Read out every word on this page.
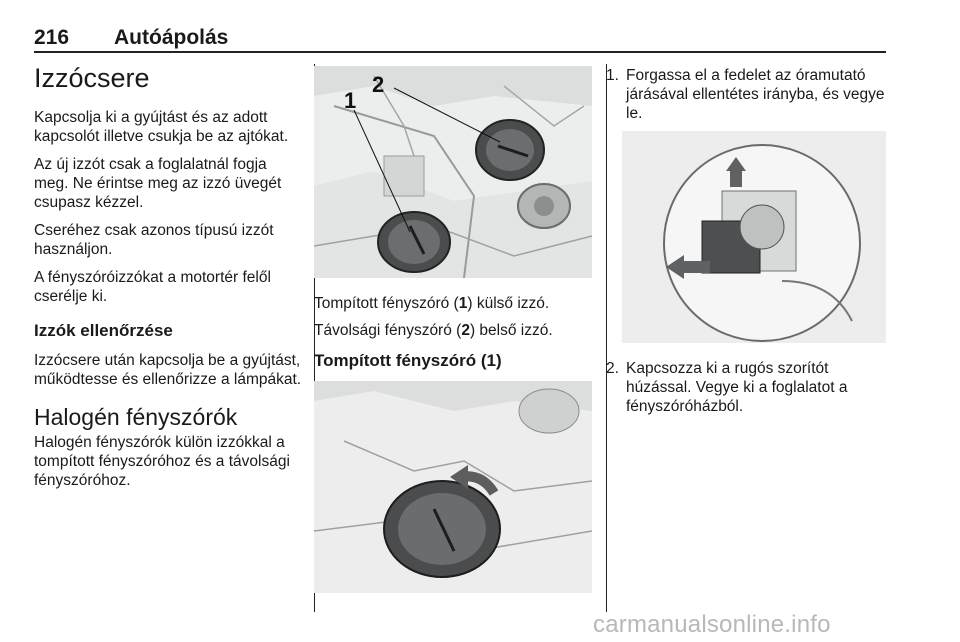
216 Autóápolás
Izzócsere

Kapcsolja ki a gyújtást és az adott kapcsolót illetve csukja be az ajtókat.

Az új izzót csak a foglalatnál fogja meg. Ne érintse meg az izzó üvegét csupasz kézzel.

Cseréhez csak azonos típusú izzót használjon.

A fényszóróizzókat a motortér felől cserélje ki.

Izzók ellenőrzése

Izzócsere után kapcsolja be a gyújtást, működtesse és ellenőrizze a lámpákat.

Halogén fényszórók

Halogén fényszórók külön izzókkal a tompított fényszóróhoz és a távolsági fényszóróhoz.

1
2

Tompított fényszóró (1) külső izzó.

Távolsági fényszóró (2) belső izzó.

Tompított fényszóró (1)
1. Forgassa el a fedelet az óramutató járásával ellentétes irányba, és vegye le.
2. Kapcsozza ki a rugós szorítót húzással. Vegye ki a foglalatot a fényszóróházból.
carmanualsonline.info
